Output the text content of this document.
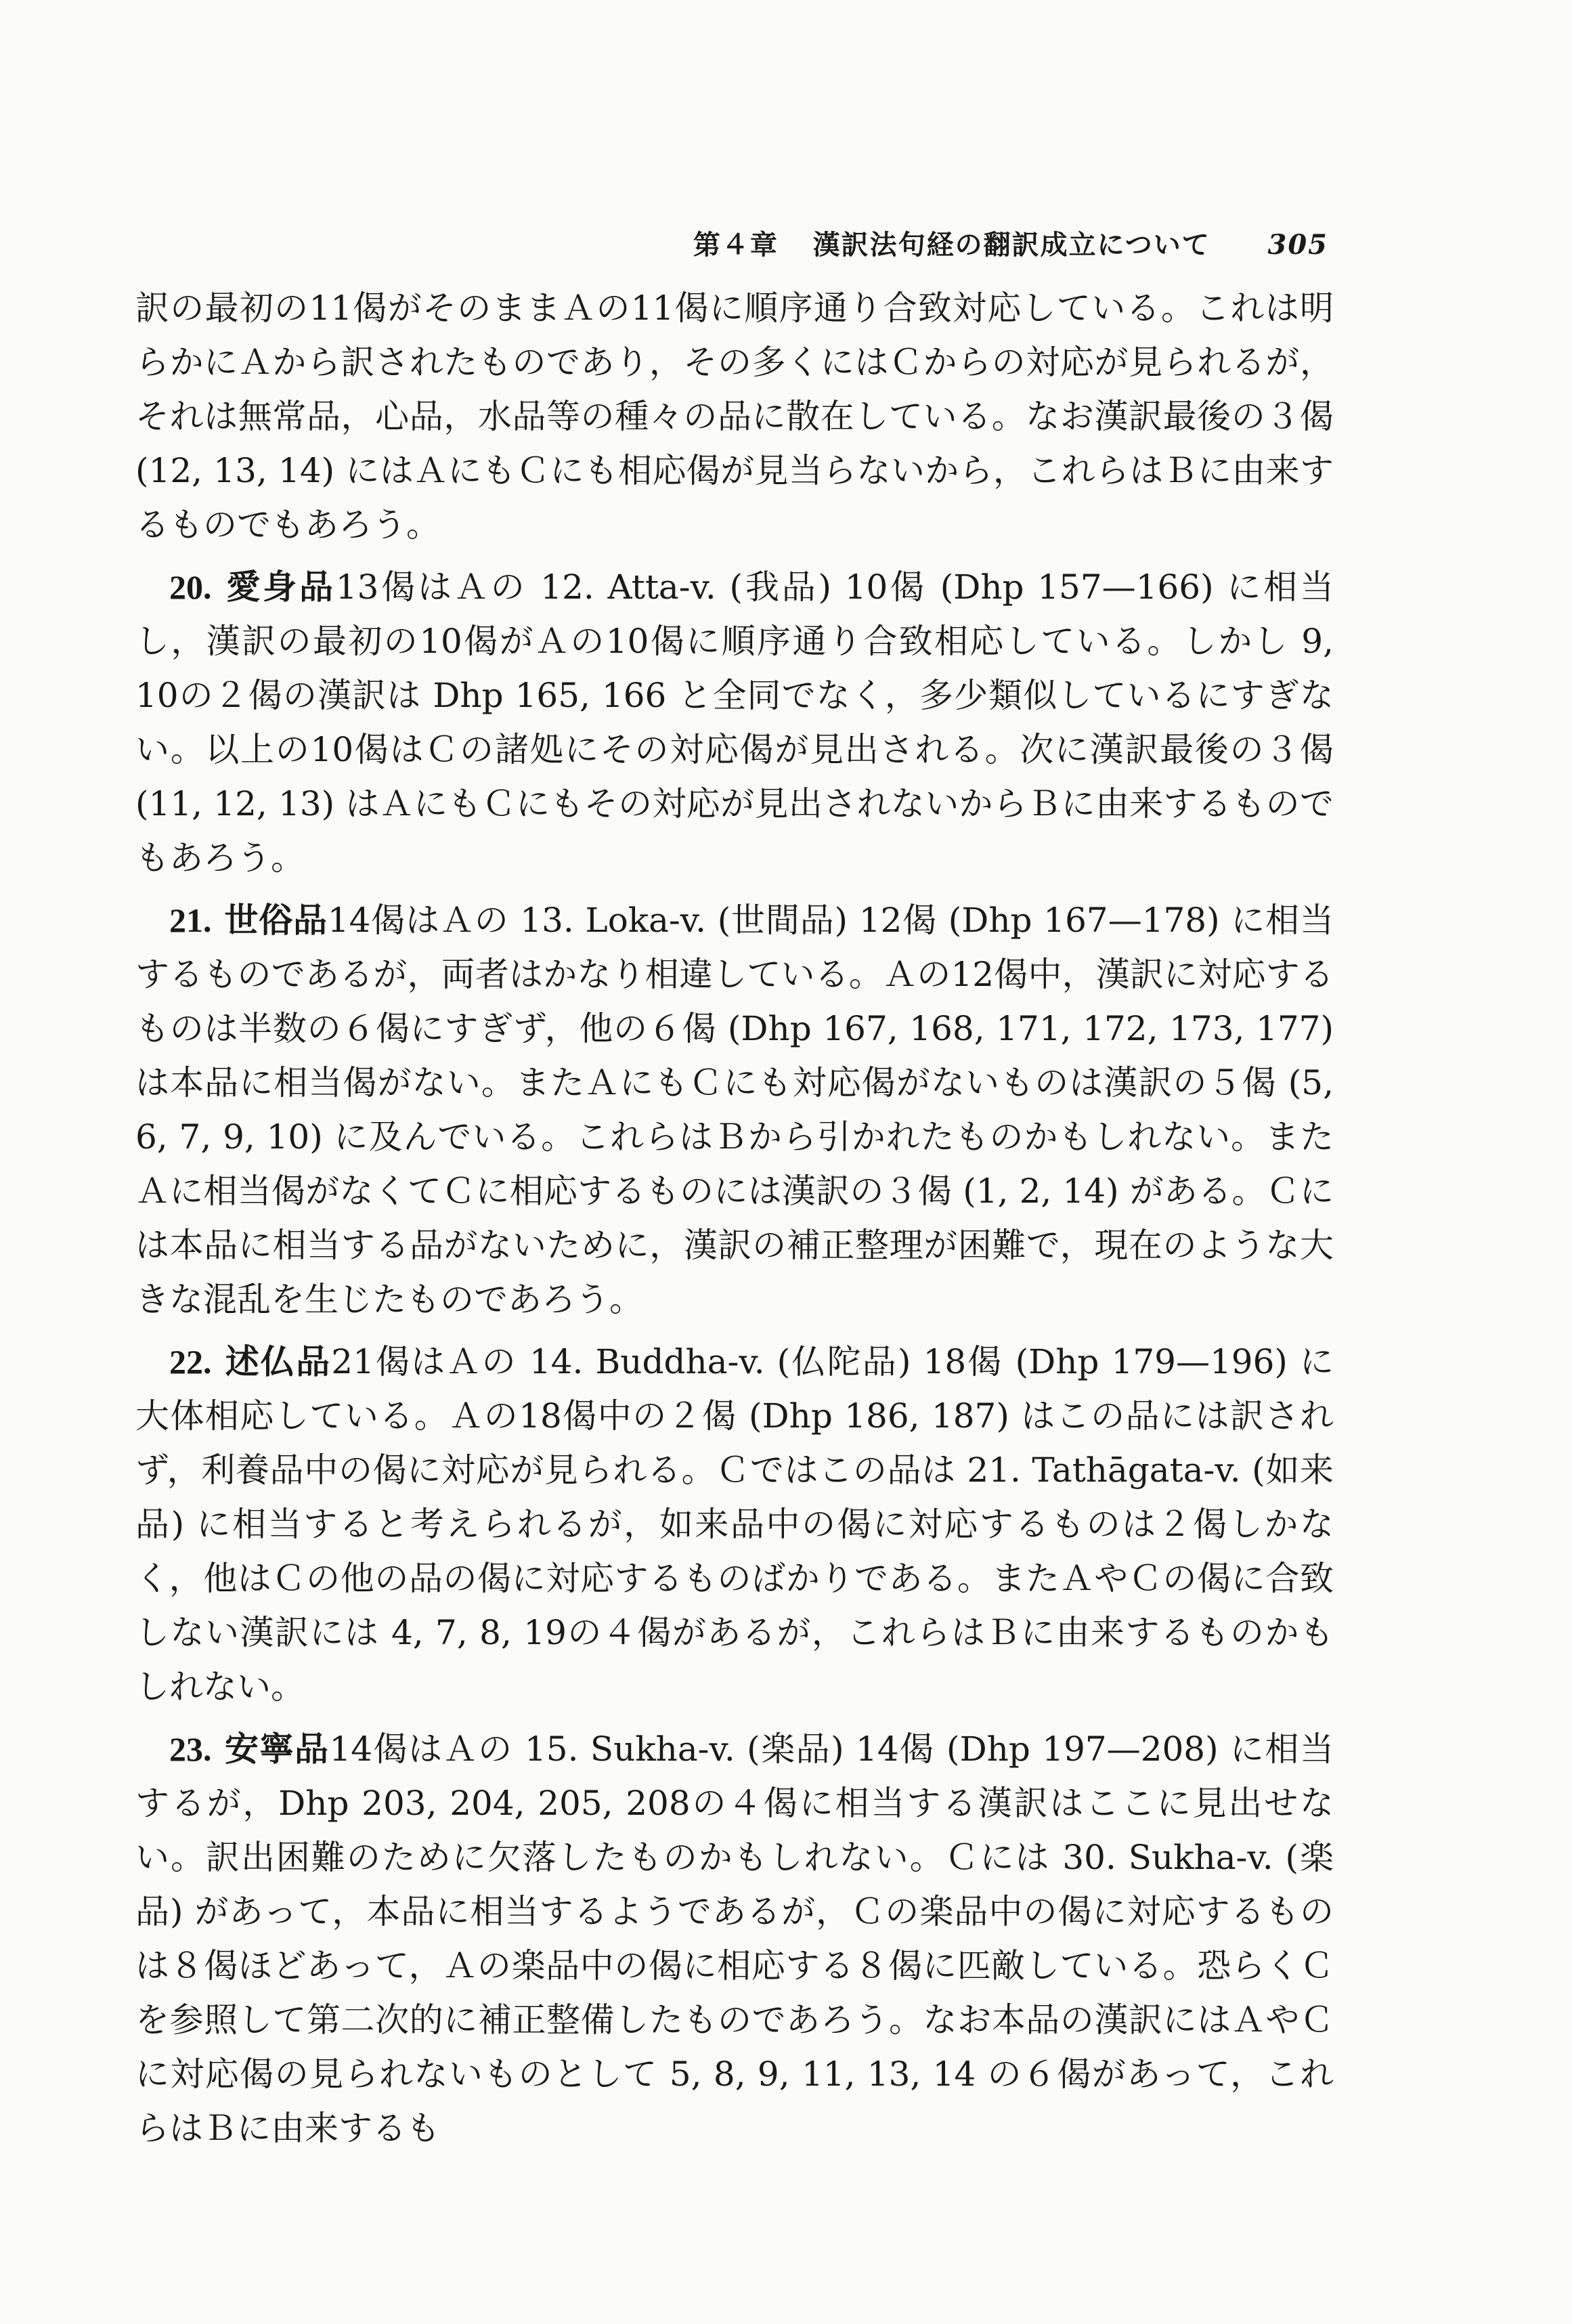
第４章 漢訳法句経の翻訳成立について 305

訳の最初の11偈がそのままＡの11偈に順序通り合致対応している。これは明らかにＡから訳されたものであり，その多くにはＣからの対応が見られるが，それは無常品，心品，水品等の種々の品に散在している。なお漢訳最後の３偈 (12, 13, 14) にはＡにもＣにも相応偈が見当らないから，これらはＢに由来するものでもあろう。

20. 愛身品13偈はＡの 12. Atta-v. (我品) 10偈 (Dhp 157—166) に相当し，漢訳の最初の10偈がＡの10偈に順序通り合致相応している。しかし 9, 10の２偈の漢訳は Dhp 165, 166 と全同でなく，多少類似しているにすぎない。以上の10偈はＣの諸処にその対応偈が見出される。次に漢訳最後の３偈 (11, 12, 13) はＡにもＣにもその対応が見出されないからＢに由来するものでもあろう。

21. 世俗品14偈はＡの 13. Loka-v. (世間品) 12偈 (Dhp 167—178) に相当するものであるが，両者はかなり相違している。Ａの12偈中，漢訳に対応するものは半数の６偈にすぎず，他の６偈 (Dhp 167, 168, 171, 172, 173, 177) は本品に相当偈がない。またＡにもＣにも対応偈がないものは漢訳の５偈 (5, 6, 7, 9, 10) に及んでいる。これらはＢから引かれたものかもしれない。またＡに相当偈がなくてＣに相応するものには漢訳の３偈 (1, 2, 14) がある。Ｃには本品に相当する品がないために，漢訳の補正整理が困難で，現在のような大きな混乱を生じたものであろう。

22. 述仏品21偈はＡの 14. Buddha-v. (仏陀品) 18偈 (Dhp 179—196) に大体相応している。Ａの18偈中の２偈 (Dhp 186, 187) はこの品には訳されず，利養品中の偈に対応が見られる。Ｃではこの品は 21. Tathāgata-v. (如来品) に相当すると考えられるが，如来品中の偈に対応するものは２偈しかなく，他はＣの他の品の偈に対応するものばかりである。またＡやＣの偈に合致しない漢訳には 4, 7, 8, 19の４偈があるが，これらはＢに由来するものかもしれない。

23. 安寧品14偈はＡの 15. Sukha-v. (楽品) 14偈 (Dhp 197—208) に相当するが，Dhp 203, 204, 205, 208の４偈に相当する漢訳はここに見出せない。訳出困難のために欠落したものかもしれない。Ｃには 30. Sukha-v. (楽品) があって，本品に相当するようであるが，Ｃの楽品中の偈に対応するものは８偈ほどあって，Ａの楽品中の偈に相応する８偈に匹敵している。恐らくＣを参照して第二次的に補正整備したものであろう。なお本品の漢訳にはＡやＣに対応偈の見られないものとして 5, 8, 9, 11, 13, 14 の６偈があって，これらはＢに由来するも
